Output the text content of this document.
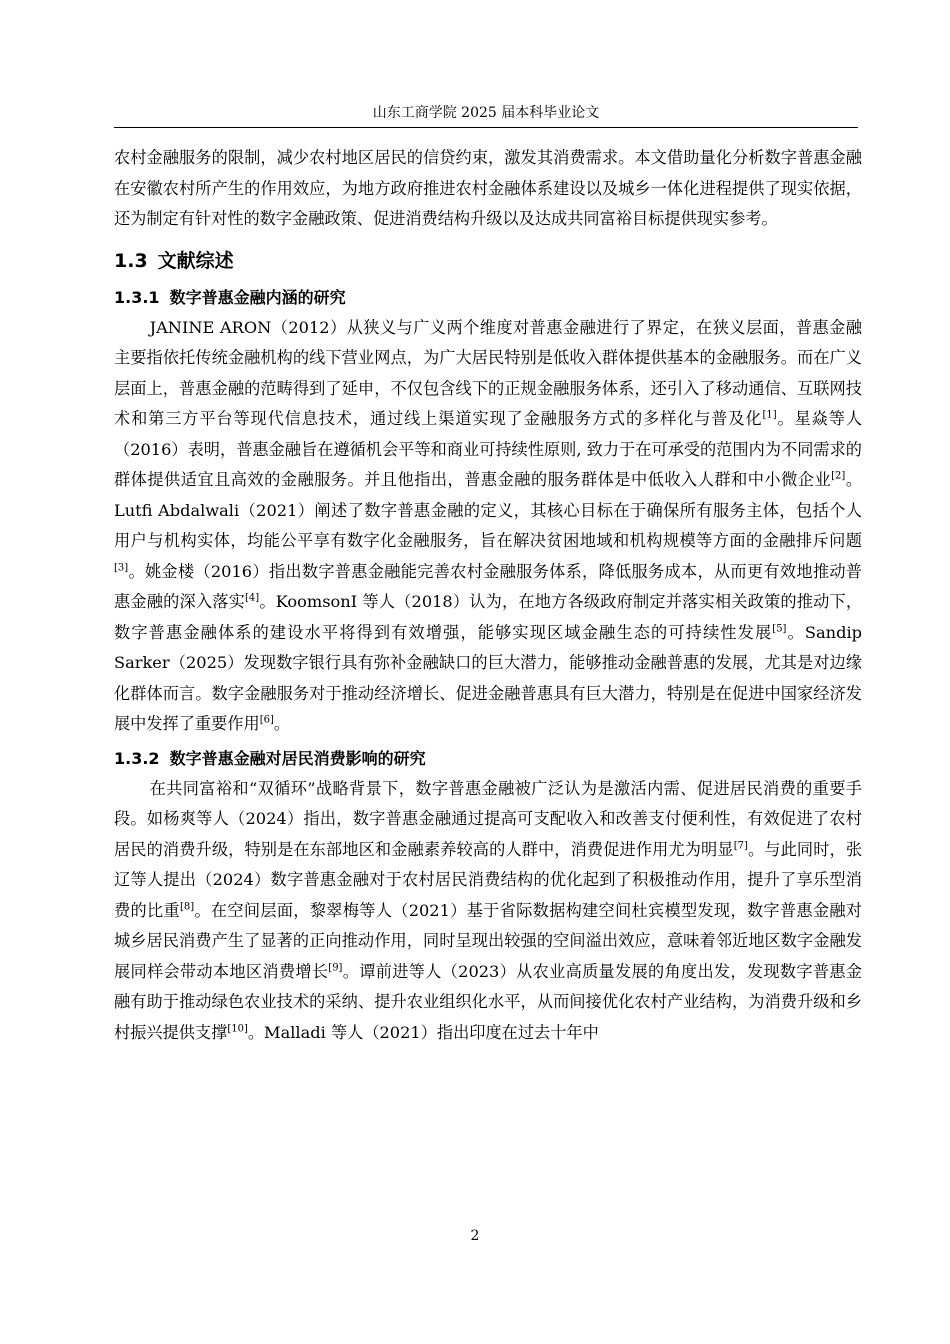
山东工商学院 2025 届本科毕业论文

农村金融服务的限制，减少农村地区居民的信贷约束，激发其消费需求。本文借助量化分析数字普惠金融在安徽农村所产生的作用效应，为地方政府推进农村金融体系建设以及城乡一体化进程提供了现实依据，还为制定有针对性的数字金融政策、促进消费结构升级以及达成共同富裕目标提供现实参考。

1.3 文献综述
1.3.1 数字普惠金融内涵的研究

JANINE ARON（2012）从狭义与广义两个维度对普惠金融进行了界定，在狭义层面，普惠金融主要指依托传统金融机构的线下营业网点，为广大居民特别是低收入群体提供基本的金融服务。而在广义层面上，普惠金融的范畴得到了延申，不仅包含线下的正规金融服务体系，还引入了移动通信、互联网技术和第三方平台等现代信息技术，通过线上渠道实现了金融服务方式的多样化与普及化[1]。星焱等人（2016）表明，普惠金融旨在遵循机会平等和商业可持续性原则, 致力于在可承受的范围内为不同需求的群体提供适宜且高效的金融服务。并且他指出，普惠金融的服务群体是中低收入人群和中小微企业[2]。Lutfi Abdalwali（2021）阐述了数字普惠金融的定义，其核心目标在于确保所有服务主体，包括个人用户与机构实体，均能公平享有数字化金融服务，旨在解决贫困地域和机构规模等方面的金融排斥问题[3]。姚金楼（2016）指出数字普惠金融能完善农村金融服务体系，降低服务成本，从而更有效地推动普惠金融的深入落实[4]。KoomsonI 等人（2018）认为，在地方各级政府制定并落实相关政策的推动下，数字普惠金融体系的建设水平将得到有效增强，能够实现区域金融生态的可持续性发展[5]。Sandip Sarker（2025）发现数字银行具有弥补金融缺口的巨大潜力，能够推动金融普惠的发展，尤其是对边缘化群体而言。数字金融服务对于推动经济增长、促进金融普惠具有巨大潜力，特别是在促进中国家经济发展中发挥了重要作用[6]。

1.3.2 数字普惠金融对居民消费影响的研究

在共同富裕和“双循环”战略背景下，数字普惠金融被广泛认为是激活内需、促进居民消费的重要手段。如杨爽等人（2024）指出，数字普惠金融通过提高可支配收入和改善支付便利性，有效促进了农村居民的消费升级，特别是在东部地区和金融素养较高的人群中，消费促进作用尤为明显[7]。与此同时，张辽等人提出（2024）数字普惠金融对于农村居民消费结构的优化起到了积极推动作用，提升了享乐型消费的比重[8]。在空间层面，黎翠梅等人（2021）基于省际数据构建空间杜宾模型发现，数字普惠金融对城乡居民消费产生了显著的正向推动作用，同时呈现出较强的空间溢出效应，意味着邻近地区数字金融发展同样会带动本地区消费增长[9]。谭前进等人（2023）从农业高质量发展的角度出发，发现数字普惠金融有助于推动绿色农业技术的采纳、提升农业组织化水平，从而间接优化农村产业结构，为消费升级和乡村振兴提供支撑[10]。Malladi 等人（2021）指出印度在过去十年中

2
